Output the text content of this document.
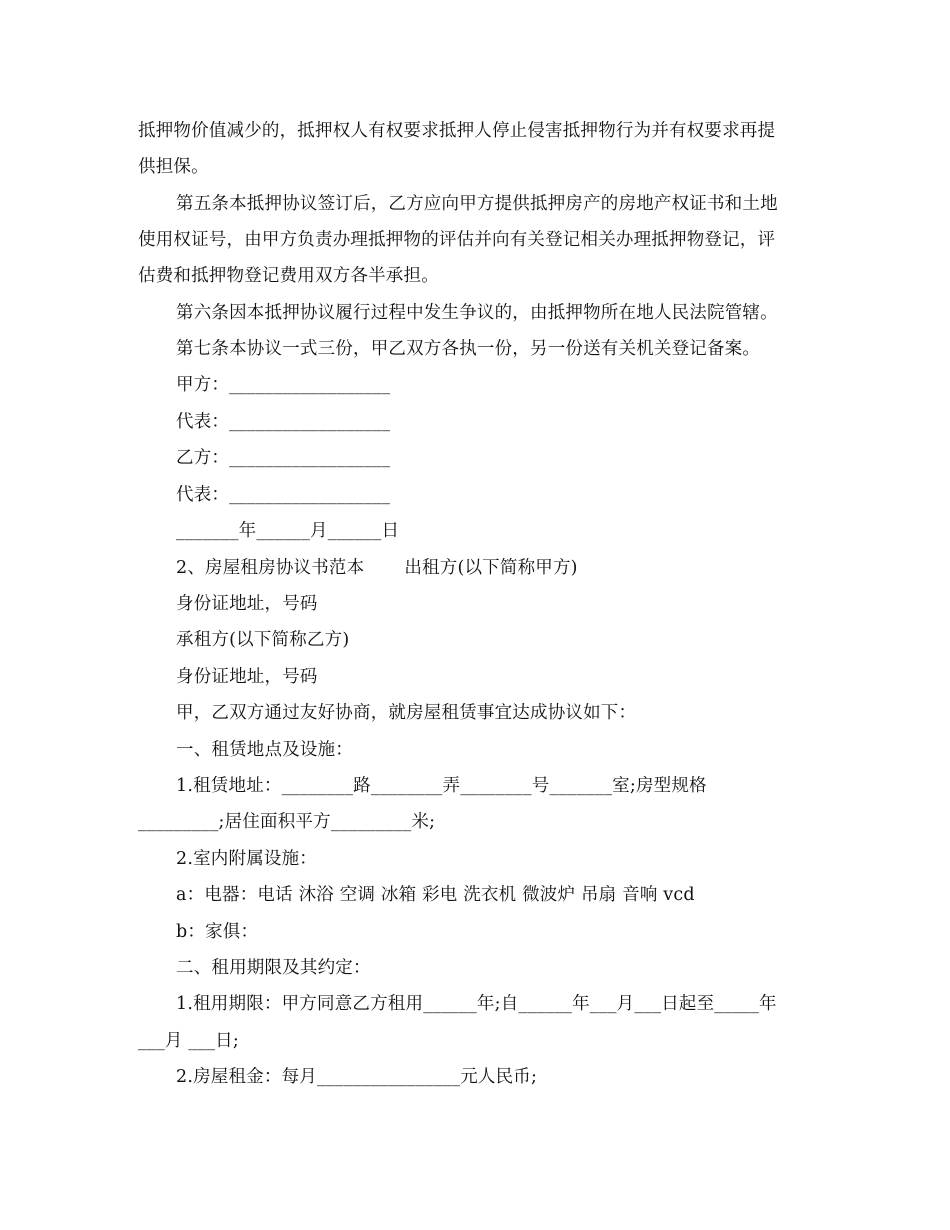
抵押物价值减少的，抵押权人有权要求抵押人停止侵害抵押物行为并有权要求再提
供担保。
第五条本抵押协议签订后，乙方应向甲方提供抵押房产的房地产权证书和土地
使用权证号，由甲方负责办理抵押物的评估并向有关登记相关办理抵押物登记，评
估费和抵押物登记费用双方各半承担。
第六条因本抵押协议履行过程中发生争议的，由抵押物所在地人民法院管辖。
第七条本协议一式三份，甲乙双方各执一份，另一份送有关机关登记备案。
甲方：__________________
代表：__________________
乙方：__________________
代表：__________________
_______年______月______日
2、房屋租房协议书范本 出租方(以下简称甲方)
身份证地址，号码
承租方(以下简称乙方)
身份证地址，号码
甲，乙双方通过友好协商，就房屋租赁事宜达成协议如下：
一、租赁地点及设施：
1.租赁地址：________路________弄________号_______室;房型规格
_________;居住面积平方_________米;
2.室内附属设施：
a：电器：电话 沐浴 空调 冰箱 彩电 洗衣机 微波炉 吊扇 音响 vcd
b：家俱：
二、租用期限及其约定：
1.租用期限：甲方同意乙方租用______年;自______年___月___日起至_____年
___月 ___日;
2.房屋租金：每月________________元人民币;
